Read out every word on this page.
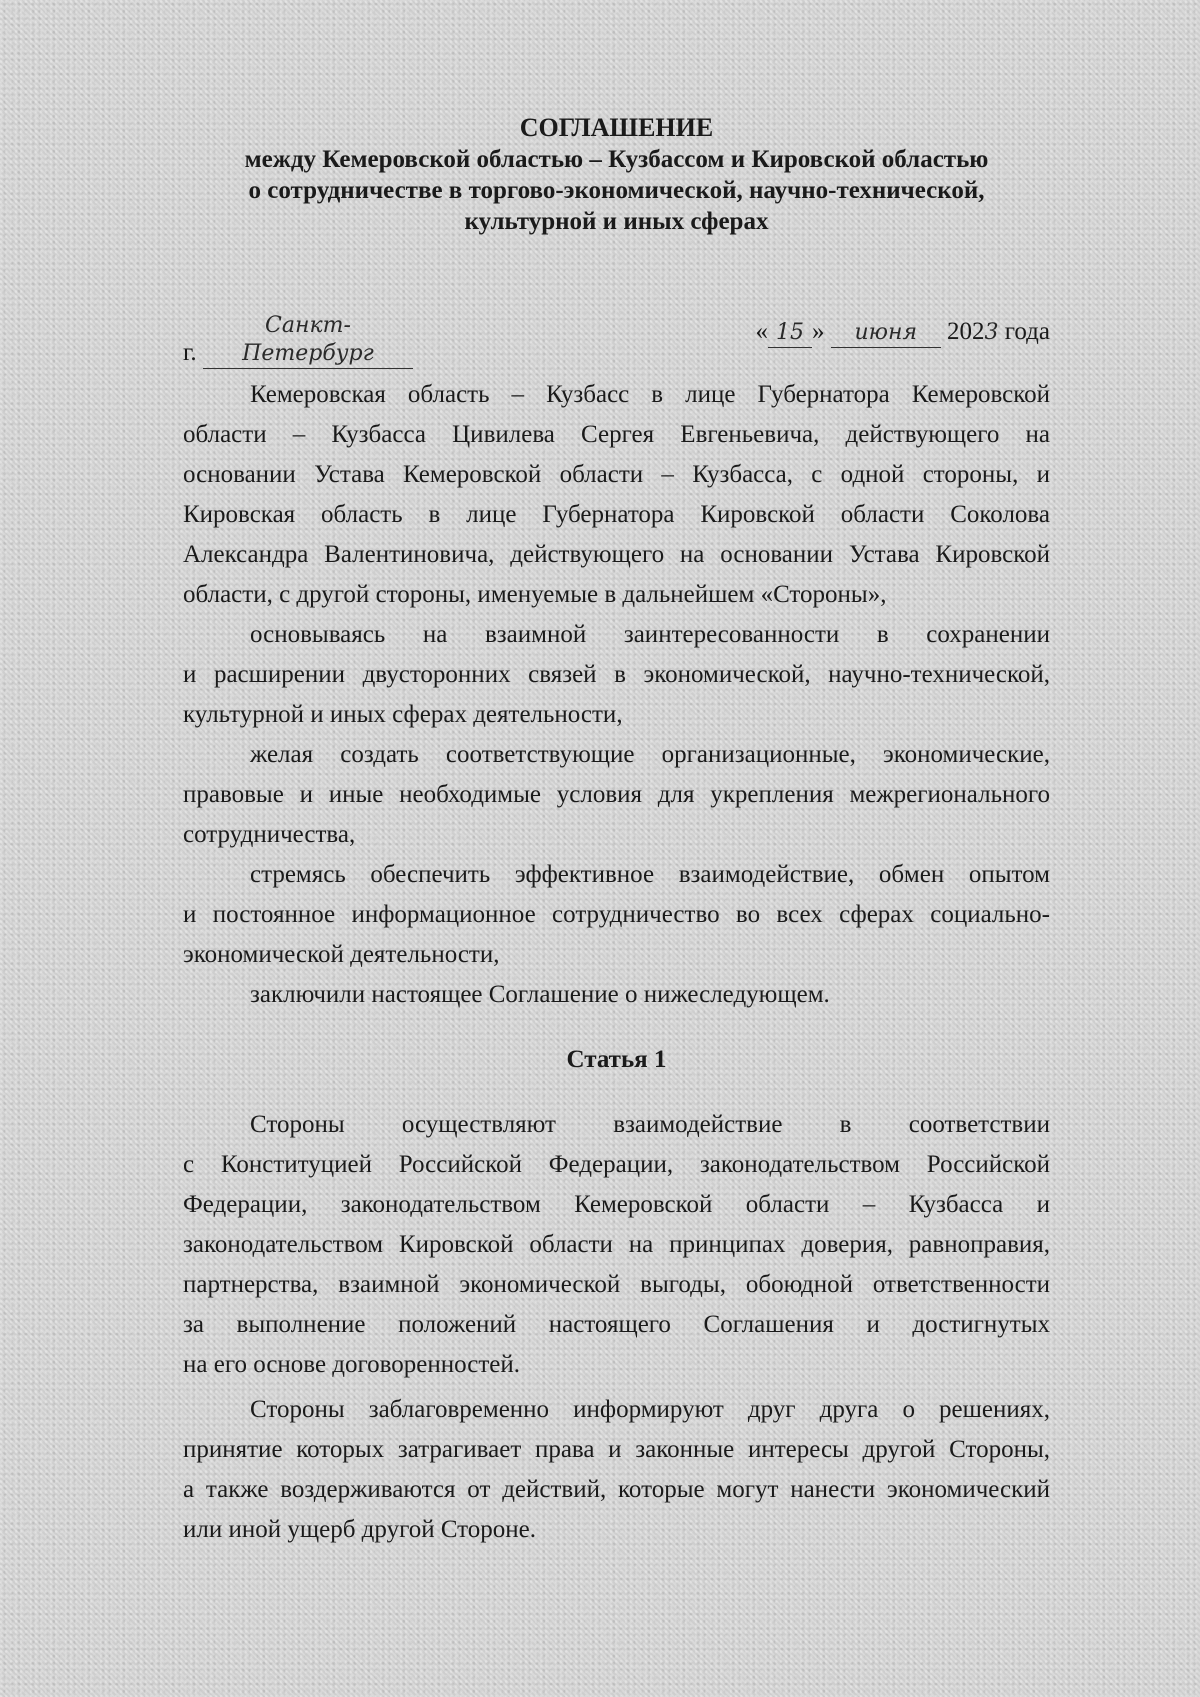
СОГЛАШЕНИЕ
между Кемеровской областью – Кузбассом и Кировской областью
о сотрудничестве в торгово-экономической, научно-технической,
культурной и иных сферах
г. Санкт-Петербург
« 15 » июня 2023 года
Кемеровская область – Кузбасс в лице Губернатора Кемеровской
области – Кузбасса Цивилева Сергея Евгеньевича, действующего на
основании Устава Кемеровской области – Кузбасса, с одной стороны, и
Кировская область в лице Губернатора Кировской области Соколова
Александра Валентиновича, действующего на основании Устава Кировской
области, с другой стороны, именуемые в дальнейшем «Стороны»,
основываясь на взаимной заинтересованности в сохранении
и расширении двусторонних связей в экономической, научно-технической,
культурной и иных сферах деятельности,
желая создать соответствующие организационные, экономические,
правовые и иные необходимые условия для укрепления межрегионального
сотрудничества,
стремясь обеспечить эффективное взаимодействие, обмен опытом
и постоянное информационное сотрудничество во всех сферах социально-
экономической деятельности,
заключили настоящее Соглашение о нижеследующем.
Статья 1
Стороны осуществляют взаимодействие в соответствии
с Конституцией Российской Федерации, законодательством Российской
Федерации, законодательством Кемеровской области – Кузбасса и
законодательством Кировской области на принципах доверия, равноправия,
партнерства, взаимной экономической выгоды, обоюдной ответственности
за выполнение положений настоящего Соглашения и достигнутых
на его основе договоренностей.
Стороны заблаговременно информируют друг друга о решениях,
принятие которых затрагивает права и законные интересы другой Стороны,
а также воздерживаются от действий, которые могут нанести экономический
или иной ущерб другой Стороне.
